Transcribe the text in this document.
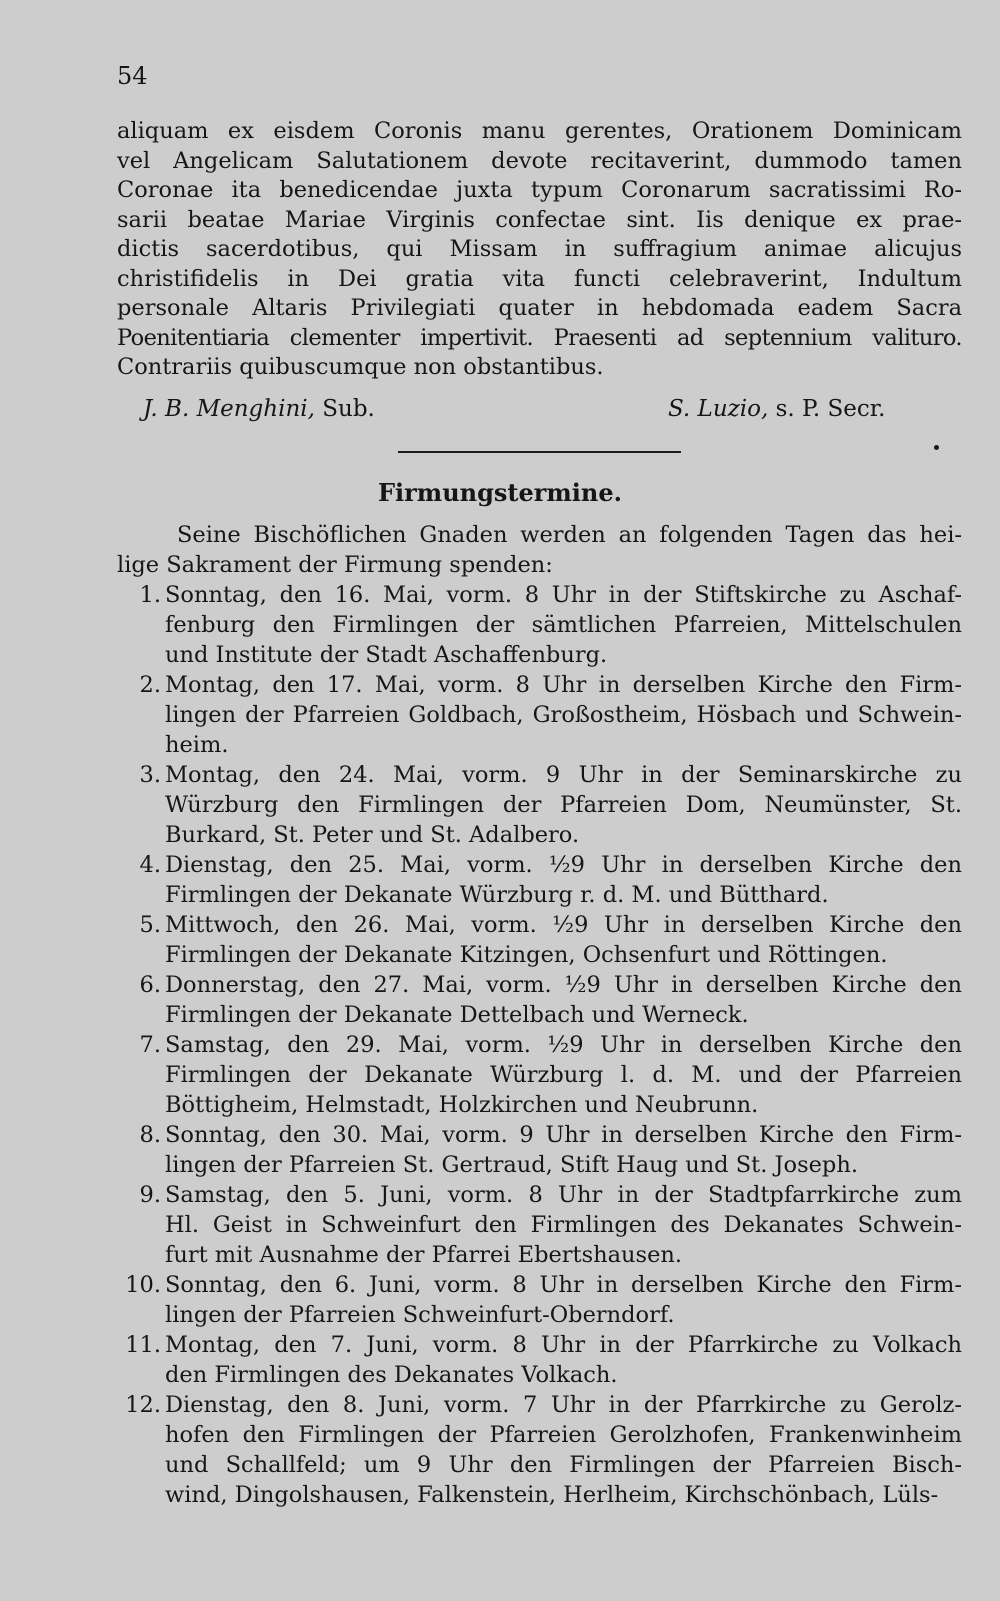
54
aliquam ex eisdem Coronis manu gerentes, Orationem Dominicam
vel Angelicam Salutationem devote recitaverint, dummodo tamen
Coronae ita benedicendae juxta typum Coronarum sacratissimi Ro-
sarii beatae Mariae Virginis confectae sint. Iis denique ex prae-
dictis sacerdotibus, qui Missam in suffragium animae alicujus
christifidelis in Dei gratia vita functi celebraverint, Indultum
personale Altaris Privilegiati quater in hebdomada eadem Sacra
Poenitentiaria clementer impertivit. Praesenti ad septennium valituro.
Contrariis quibuscumque non obstantibus.
J. B. Menghini, Sub.	S. Luzio, s. P. Secr.
Firmungstermine.
Seine Bischöflichen Gnaden werden an folgenden Tagen das hei-
lige Sakrament der Firmung spenden:
1. Sonntag, den 16. Mai, vorm. 8 Uhr in der Stiftskirche zu Aschaf-
fenburg den Firmlingen der sämtlichen Pfarreien, Mittelschulen
und Institute der Stadt Aschaffenburg.
2. Montag, den 17. Mai, vorm. 8 Uhr in derselben Kirche den Firm-
lingen der Pfarreien Goldbach, Großostheim, Hösbach und Schwein-
heim.
3. Montag, den 24. Mai, vorm. 9 Uhr in der Seminarskirche zu
Würzburg den Firmlingen der Pfarreien Dom, Neumünster, St.
Burkard, St. Peter und St. Adalbero.
4. Dienstag, den 25. Mai, vorm. ½9 Uhr in derselben Kirche den
Firmlingen der Dekanate Würzburg r. d. M. und Bütthard.
5. Mittwoch, den 26. Mai, vorm. ½9 Uhr in derselben Kirche den
Firmlingen der Dekanate Kitzingen, Ochsenfurt und Röttingen.
6. Donnerstag, den 27. Mai, vorm. ½9 Uhr in derselben Kirche den
Firmlingen der Dekanate Dettelbach und Werneck.
7. Samstag, den 29. Mai, vorm. ½9 Uhr in derselben Kirche den
Firmlingen der Dekanate Würzburg l. d. M. und der Pfarreien
Böttigheim, Helmstadt, Holzkirchen und Neubrunn.
8. Sonntag, den 30. Mai, vorm. 9 Uhr in derselben Kirche den Firm-
lingen der Pfarreien St. Gertraud, Stift Haug und St. Joseph.
9. Samstag, den 5. Juni, vorm. 8 Uhr in der Stadtpfarrkirche zum
Hl. Geist in Schweinfurt den Firmlingen des Dekanates Schwein-
furt mit Ausnahme der Pfarrei Ebertshausen.
10. Sonntag, den 6. Juni, vorm. 8 Uhr in derselben Kirche den Firm-
lingen der Pfarreien Schweinfurt-Oberndorf.
11. Montag, den 7. Juni, vorm. 8 Uhr in der Pfarrkirche zu Volkach
den Firmlingen des Dekanates Volkach.
12. Dienstag, den 8. Juni, vorm. 7 Uhr in der Pfarrkirche zu Gerolz-
hofen den Firmlingen der Pfarreien Gerolzhofen, Frankenwinheim
und Schallfeld; um 9 Uhr den Firmlingen der Pfarreien Bisch-
wind, Dingolshausen, Falkenstein, Herlheim, Kirchschönbach, Lüls-
